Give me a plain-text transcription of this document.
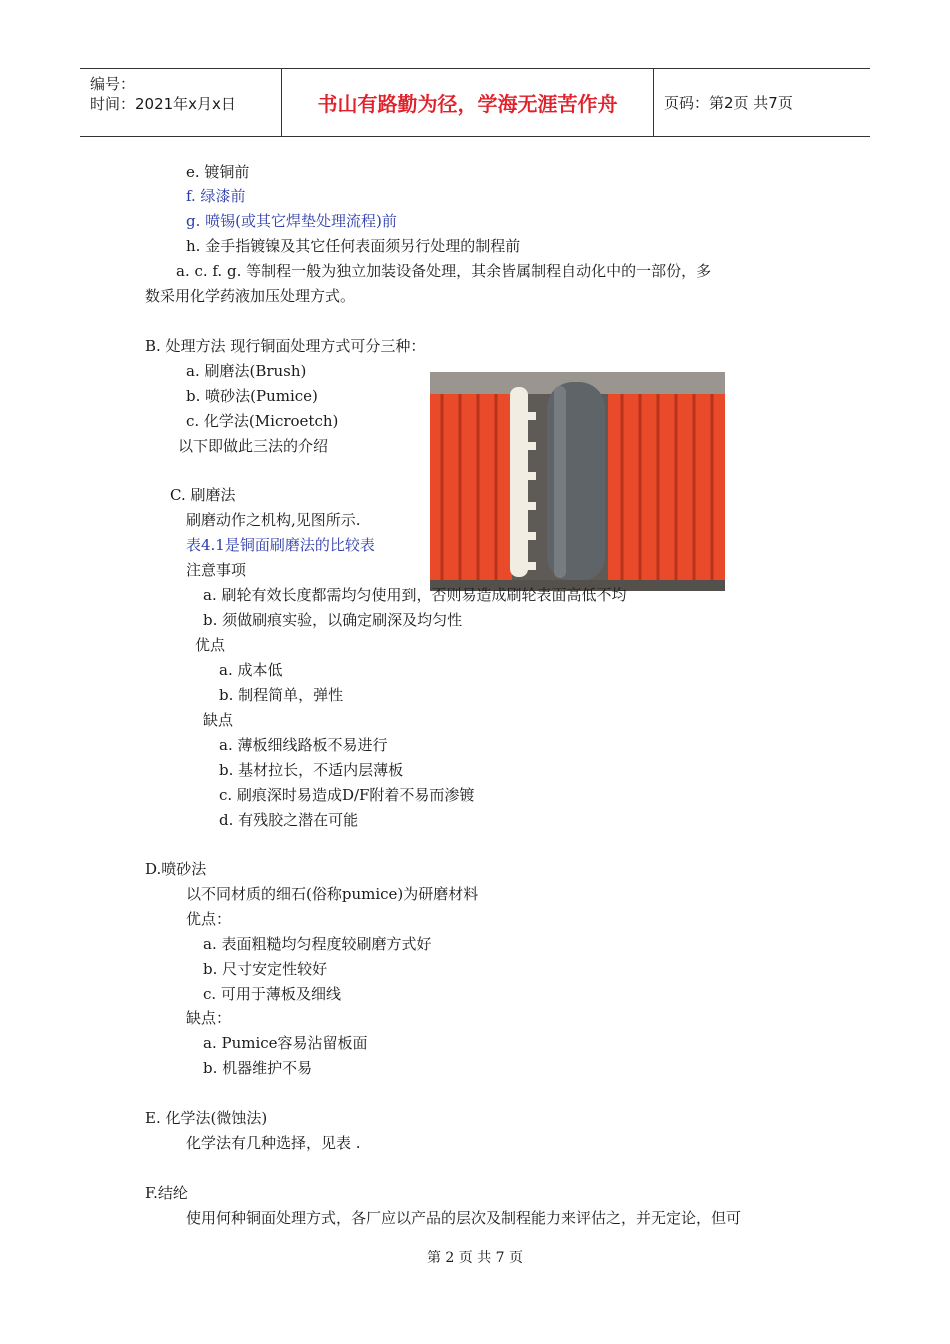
编号：
时间：2021年x月x日	书山有路勤为径，学海无涯苦作舟	页码：第2页 共7页
e. 镀铜前
f. 绿漆前
g. 喷锡(或其它焊垫处理流程)前
h. 金手指镀镍及其它任何表面须另行处理的制程前
a. c. f. g. 等制程一般为独立加装设备处理，其余皆属制程自动化中的一部份，多
数采用化学药液加压处理方式。
B. 处理方法 现行铜面处理方式可分三种：
a. 刷磨法(Brush)
b. 喷砂法(Pumice)
c. 化学法(Microetch)
以下即做此三法的介绍
C. 刷磨法
刷磨动作之机构,见图所示.
表4.1是铜面刷磨法的比较表
注意事项
a. 刷轮有效长度都需均匀使用到，否则易造成刷轮表面高低不均
b. 须做刷痕实验，以确定刷深及均匀性
优点
a. 成本低
b. 制程简单，弹性
缺点
a. 薄板细线路板不易进行
b. 基材拉长，不适内层薄板
c. 刷痕深时易造成D/F附着不易而渗镀
d. 有残胶之潜在可能
D.喷砂法
以不同材质的细石(俗称pumice)为研磨材料
优点：
a. 表面粗糙均匀程度较刷磨方式好
b. 尺寸安定性较好
c. 可用于薄板及细线
缺点：
a. Pumice容易沾留板面
b. 机器维护不易
E. 化学法(微蚀法)
化学法有几种选择，见表 .
F.结纶
使用何种铜面处理方式，各厂应以产品的层次及制程能力来评估之，并无定论，但可
第 2 页 共 7 页
